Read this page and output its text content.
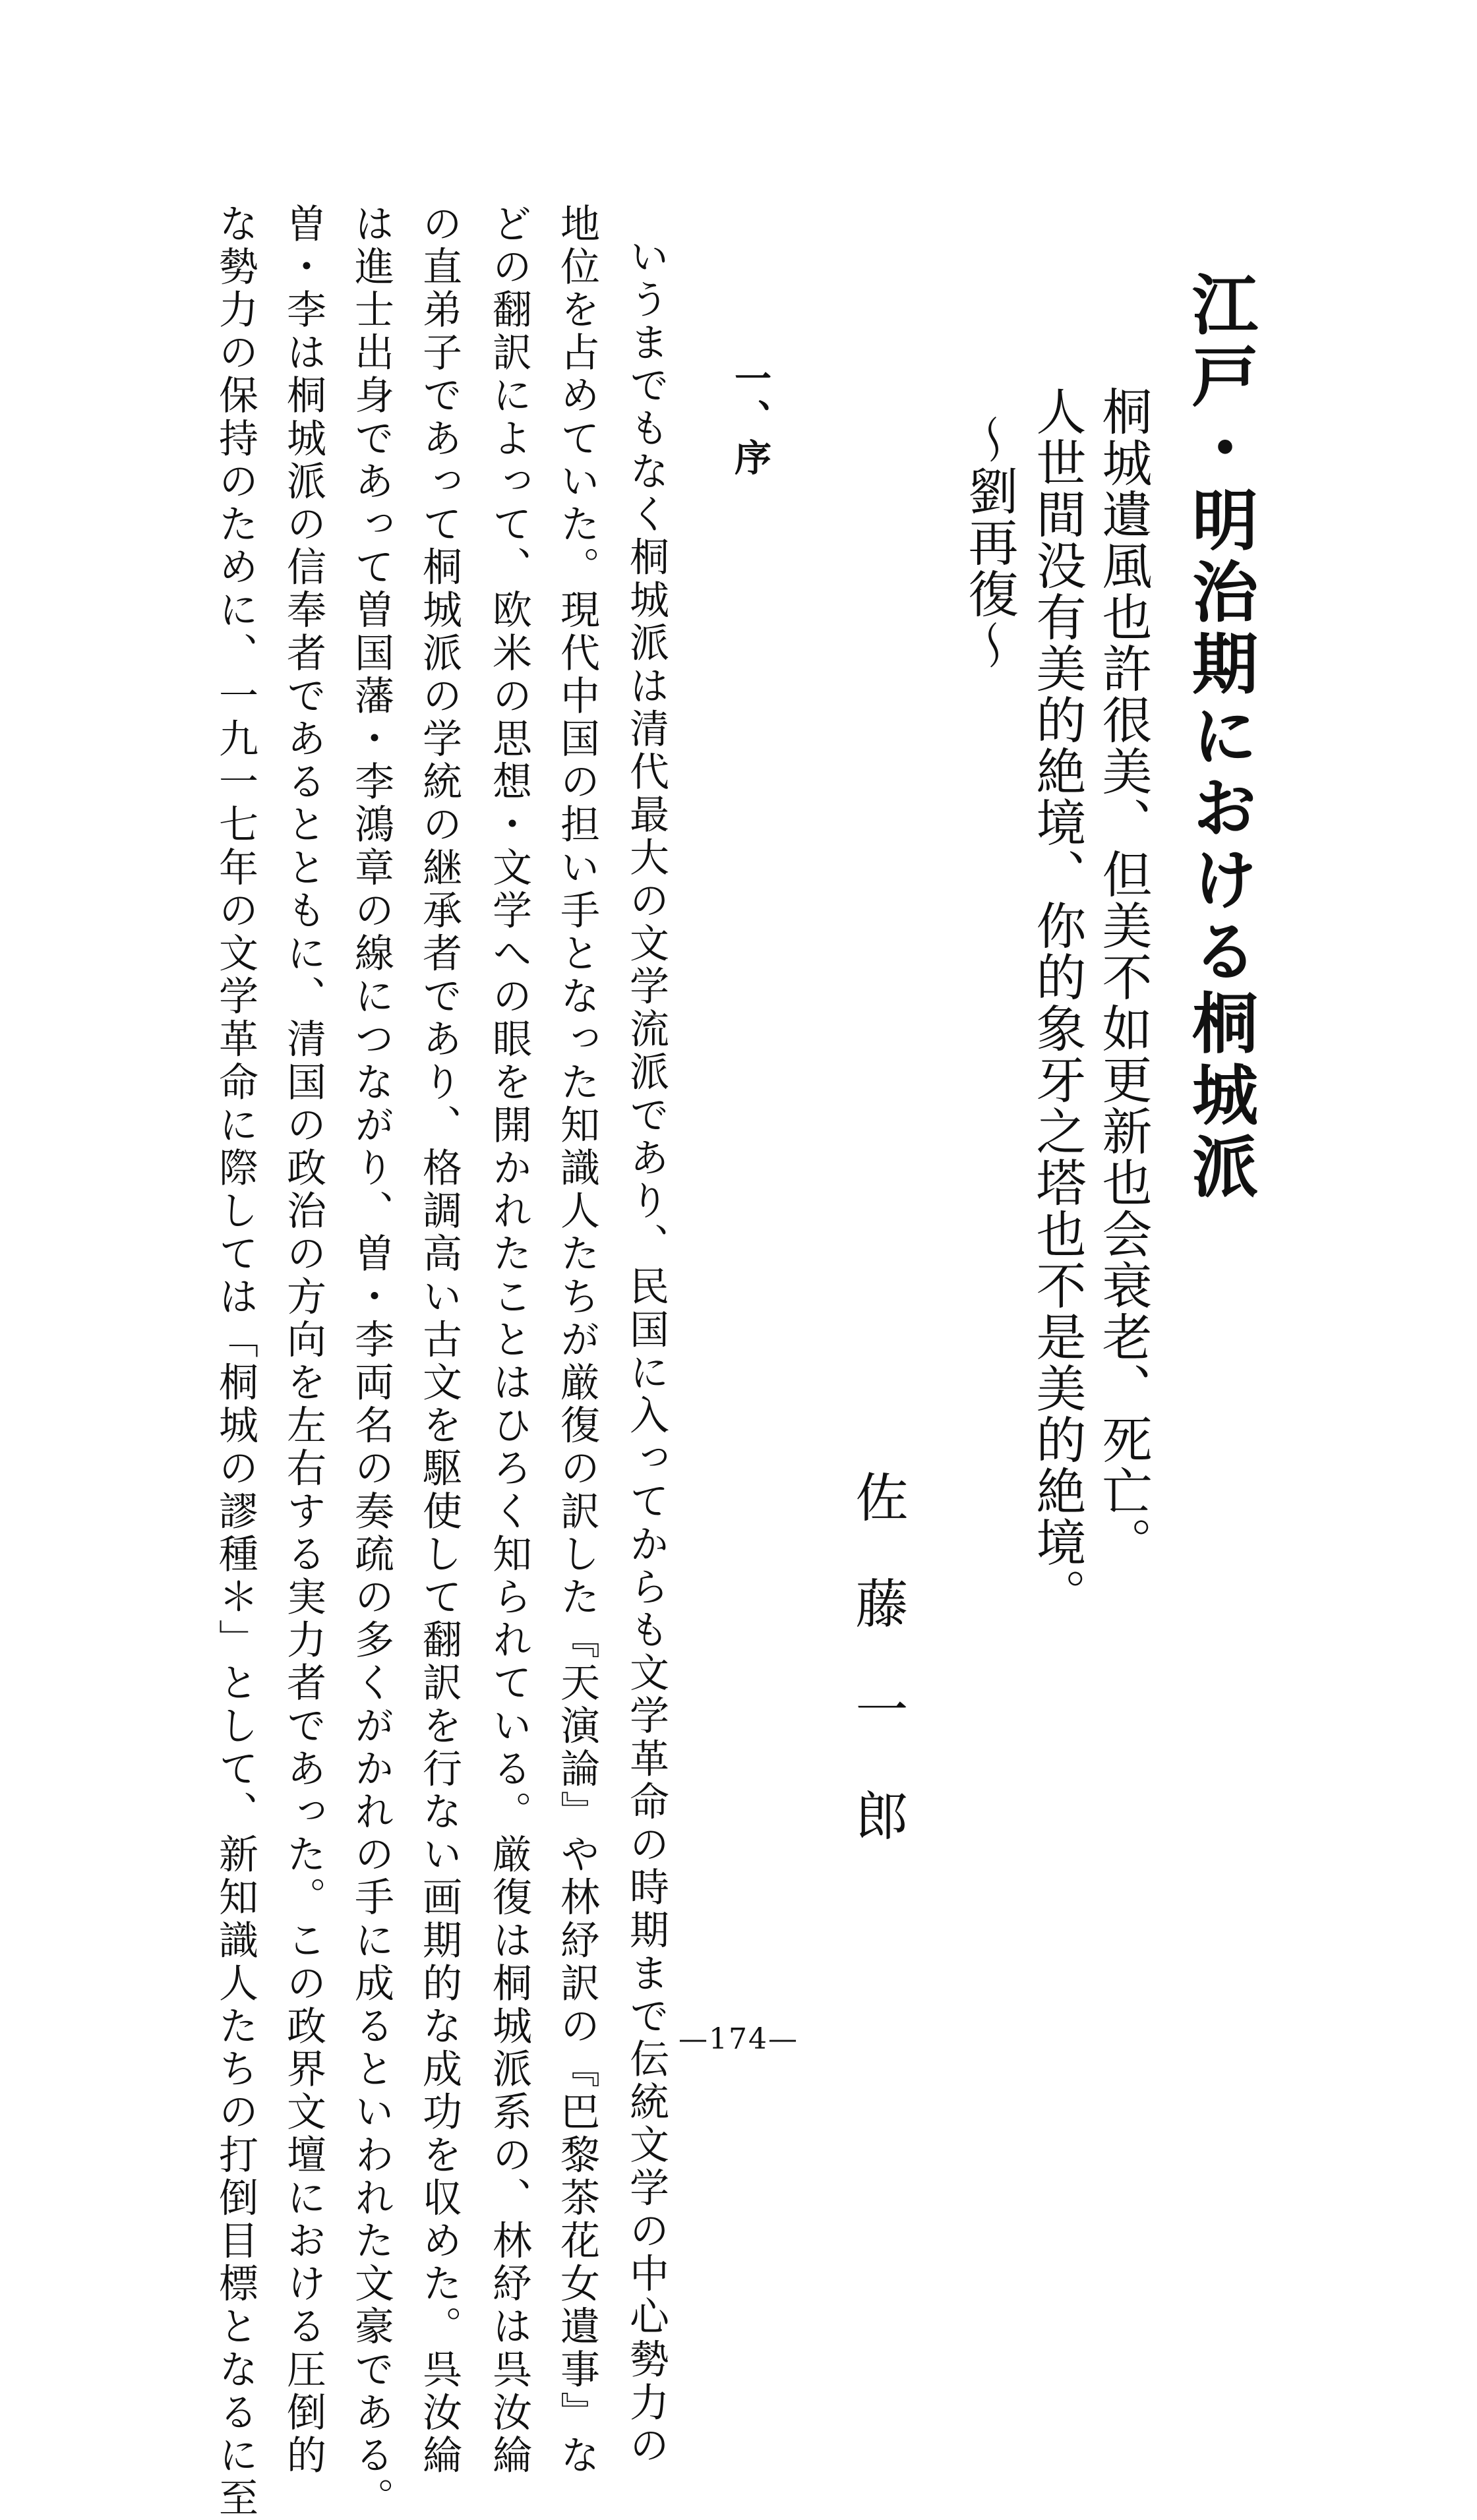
江戸・明治期における桐城派

桐城遺風也許很美、但美不如更新也会衰老、死亡。

人世間没有美的絶境、你的象牙之塔也不是美的絶境。

〜劉再復〜

佐藤一郎

一、序

いうまでもなく桐城派は清代最大の文学流派であり、民国に入ってからも文学革命の時期まで伝統文学の中心勢力の

地位を占めていた。現代中国の担い手となった知識人たちが厳復の訳した『天演論』や林紓訳の『巴黎茶花女遺事』な

どの翻訳によって、欧米の思想・文学への眼を開かれたことはひろく知られている。厳復は桐城派系の、林紓は呉汝綸

の直弟子であって桐城派の学統の継承者であり、格調高い古文を駆使して翻訳を行ない画期的な成功を収めた。呉汝綸

は進士出身であって曽国藩・李鴻章の線につながり、曽・李両名の奏疏の多くがかれの手に成るといわれた文豪である。

曽・李は桐城派の信奉者であるとともに、清国の政治の方向を左右する実力者であった。この政界文壇における圧倒的

な勢力の保持のために、一九一七年の文学革命に際しては「桐城の謬種＊」として、新知識人たちの打倒目標となるに至	—174—
